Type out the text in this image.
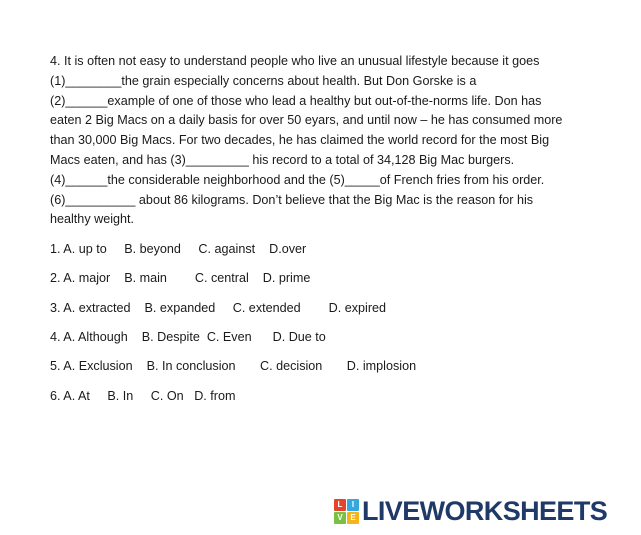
4. It is often not easy to understand people who live an unusual lifestyle because it goes
(1)________the grain especially concerns about health. But Don Gorske is a
(2)______example of one of those who lead a healthy but out-of-the-norms life. Don has
eaten 2 Big Macs on a daily basis for over 50 eyars, and until now – he has consumed more
than 30,000 Big Macs. For two decades, he has claimed the world record for the most Big
Macs eaten, and has (3)_________ his record to a total of 34,128 Big Mac burgers.
(4)______the considerable neighborhood and the (5)_____of French fries from his order.
(6)__________ about 86 kilograms. Don’t believe that the Big Mac is the reason for his
healthy weight.

1. A. up to     B. beyond     C. against    D.over
2. A. major    B. main        C. central    D. prime
3. A. extracted    B. expanded     C. extended        D. expired
4. A. Although    B. Despite  C. Even      D. Due to
5. A. Exclusion    B. In conclusion       C. decision       D. implosion
6. A. At     B. In     C. On   D. from
L	I
V E LIVEWORKSHEETS
